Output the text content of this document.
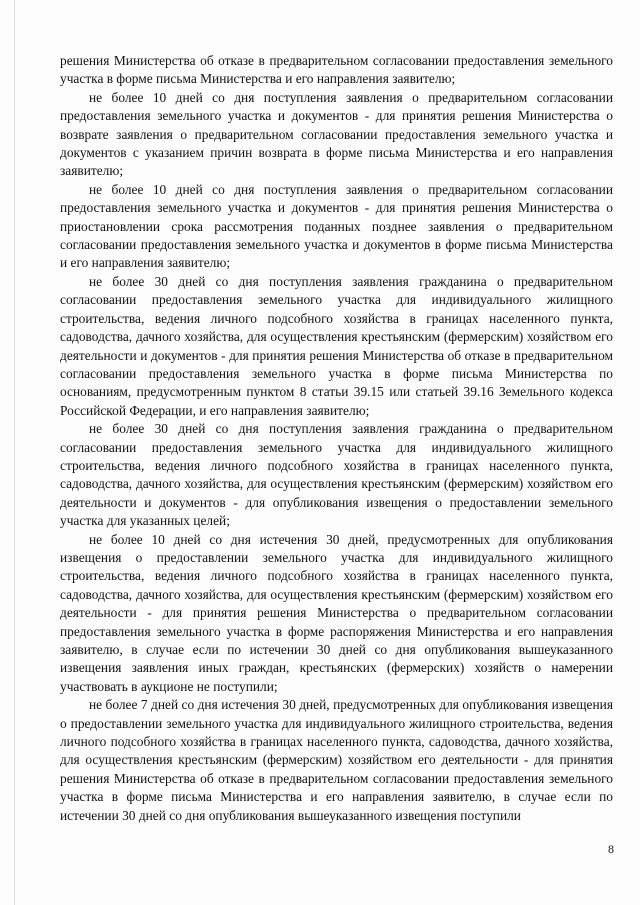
решения Министерства об отказе в предварительном согласовании предоставления земельного участка в форме письма Министерства и его направления заявителю;

не более 10 дней со дня поступления заявления о предварительном согласовании предоставления земельного участка и документов - для принятия решения Министерства о возврате заявления о предварительном согласовании предоставления земельного участка и документов с указанием причин возврата в форме письма Министерства и его направления заявителю;

не более 10 дней со дня поступления заявления о предварительном согласовании предоставления земельного участка и документов - для принятия решения Министерства о приостановлении срока рассмотрения поданных позднее заявления о предварительном согласовании предоставления земельного участка и документов в форме письма Министерства и его направления заявителю;

не более 30 дней со дня поступления заявления гражданина о предварительном согласовании предоставления земельного участка для индивидуального жилищного строительства, ведения личного подсобного хозяйства в границах населенного пункта, садоводства, дачного хозяйства, для осуществления крестьянским (фермерским) хозяйством его деятельности и документов - для принятия решения Министерства об отказе в предварительном согласовании предоставления земельного участка в форме письма Министерства по основаниям, предусмотренным пунктом 8 статьи 39.15 или статьей 39.16 Земельного кодекса Российской Федерации, и его направления заявителю;

не более 30 дней со дня поступления заявления гражданина о предварительном согласовании предоставления земельного участка для индивидуального жилищного строительства, ведения личного подсобного хозяйства в границах населенного пункта, садоводства, дачного хозяйства, для осуществления крестьянским (фермерским) хозяйством его деятельности и документов - для опубликования извещения о предоставлении земельного участка для указанных целей;

не более 10 дней со дня истечения 30 дней, предусмотренных для опубликования извещения о предоставлении земельного участка для индивидуального жилищного строительства, ведения личного подсобного хозяйства в границах населенного пункта, садоводства, дачного хозяйства, для осуществления крестьянским (фермерским) хозяйством его деятельности - для принятия решения Министерства о предварительном согласовании предоставления земельного участка в форме распоряжения Министерства и его направления заявителю, в случае если по истечении 30 дней со дня опубликования вышеуказанного извещения заявления иных граждан, крестьянских (фермерских) хозяйств о намерении участвовать в аукционе не поступили;

не более 7 дней со дня истечения 30 дней, предусмотренных для опубликования извещения о предоставлении земельного участка для индивидуального жилищного строительства, ведения личного подсобного хозяйства в границах населенного пункта, садоводства, дачного хозяйства, для осуществления крестьянским (фермерским) хозяйством его деятельности - для принятия решения Министерства об отказе в предварительном согласовании предоставления земельного участка в форме письма Министерства и его направления заявителю, в случае если по истечении 30 дней со дня опубликования вышеуказанного извещения поступили

8
